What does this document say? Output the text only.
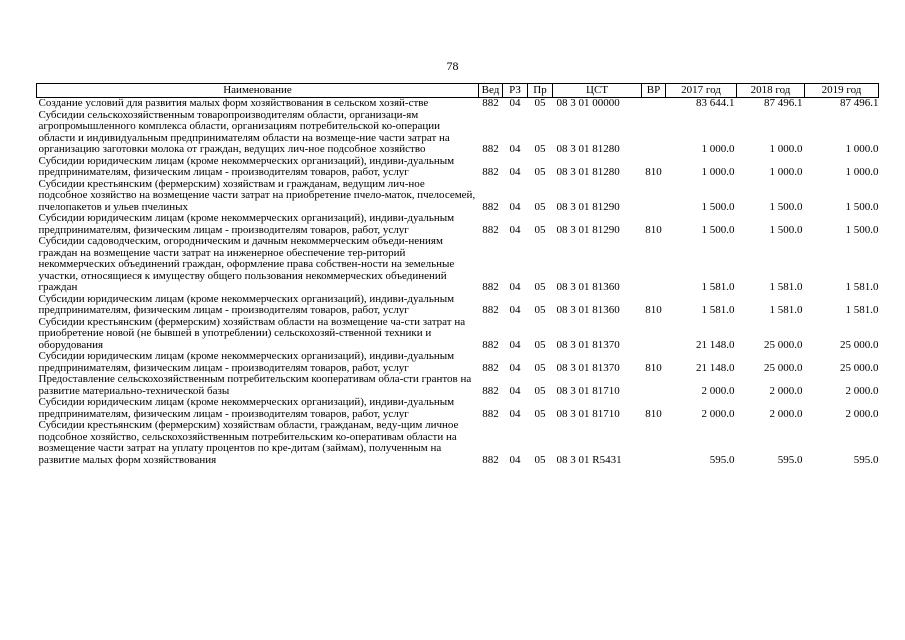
78
Наименование	Вед	РЗ	Пр	ЦСТ	ВР	2017 год	2018 год	2019 год
Создание условий для развития малых форм хозяйствования в сельском хозяй-стве	882	04	05	08 3 01 00000		83 644.1	87 496.1	87 496.1
Субсидии сельскохозяйственным товаропроизводителям области, организаци-ям агропромышленного комплекса области, организациям потребительской ко-операции области и индивидуальным предпринимателям области на возмеще-ние части затрат на организацию заготовки молока от граждан, ведущих лич-ное подсобное хозяйство	882	04	05	08 3 01 81280		1 000.0	1 000.0	1 000.0
Субсидии юридическим лицам (кроме некоммерческих организаций), индиви-дуальным предпринимателям, физическим лицам - производителям товаров, работ, услуг	882	04	05	08 3 01 81280	810	1 000.0	1 000.0	1 000.0
Субсидии крестьянским (фермерским) хозяйствам и гражданам, ведущим лич-ное подсобное хозяйство на возмещение части затрат на приобретение пчело-маток, пчелосемей, пчелопакетов и ульев пчелиных	882	04	05	08 3 01 81290		1 500.0	1 500.0	1 500.0
Субсидии юридическим лицам (кроме некоммерческих организаций), индиви-дуальным предпринимателям, физическим лицам - производителям товаров, работ, услуг	882	04	05	08 3 01 81290	810	1 500.0	1 500.0	1 500.0
Субсидии садоводческим, огородническим и дачным некоммерческим объеди-нениям граждан на возмещение части затрат на инженерное обеспечение тер-риторий некоммерческих объединений граждан, оформление права собствен-ности на земельные участки, относящиеся к имуществу общего пользования некоммерческих объединений граждан	882	04	05	08 3 01 81360		1 581.0	1 581.0	1 581.0
Субсидии юридическим лицам (кроме некоммерческих организаций), индиви-дуальным предпринимателям, физическим лицам - производителям товаров, работ, услуг	882	04	05	08 3 01 81360	810	1 581.0	1 581.0	1 581.0
Субсидии крестьянским (фермерским) хозяйствам области на возмещение ча-сти затрат на приобретение новой (не бывшей в употреблении) сельскохозяй-ственной техники и оборудования	882	04	05	08 3 01 81370		21 148.0	25 000.0	25 000.0
Субсидии юридическим лицам (кроме некоммерческих организаций), индиви-дуальным предпринимателям, физическим лицам - производителям товаров, работ, услуг	882	04	05	08 3 01 81370	810	21 148.0	25 000.0	25 000.0
Предоставление сельскохозяйственным потребительским кооперативам обла-сти грантов на развитие материально-технической базы	882	04	05	08 3 01 81710		2 000.0	2 000.0	2 000.0
Субсидии юридическим лицам (кроме некоммерческих организаций), индиви-дуальным предпринимателям, физическим лицам - производителям товаров, работ, услуг	882	04	05	08 3 01 81710	810	2 000.0	2 000.0	2 000.0
Субсидии крестьянским (фермерским) хозяйствам области, гражданам, веду-щим личное подсобное хозяйство, сельскохозяйственным потребительским ко-оперативам области на возмещение части затрат на уплату процентов по кре-дитам (займам), полученным на развитие малых форм хозяйствования	882	04	05	08 3 01 R5431		595.0	595.0	595.0
